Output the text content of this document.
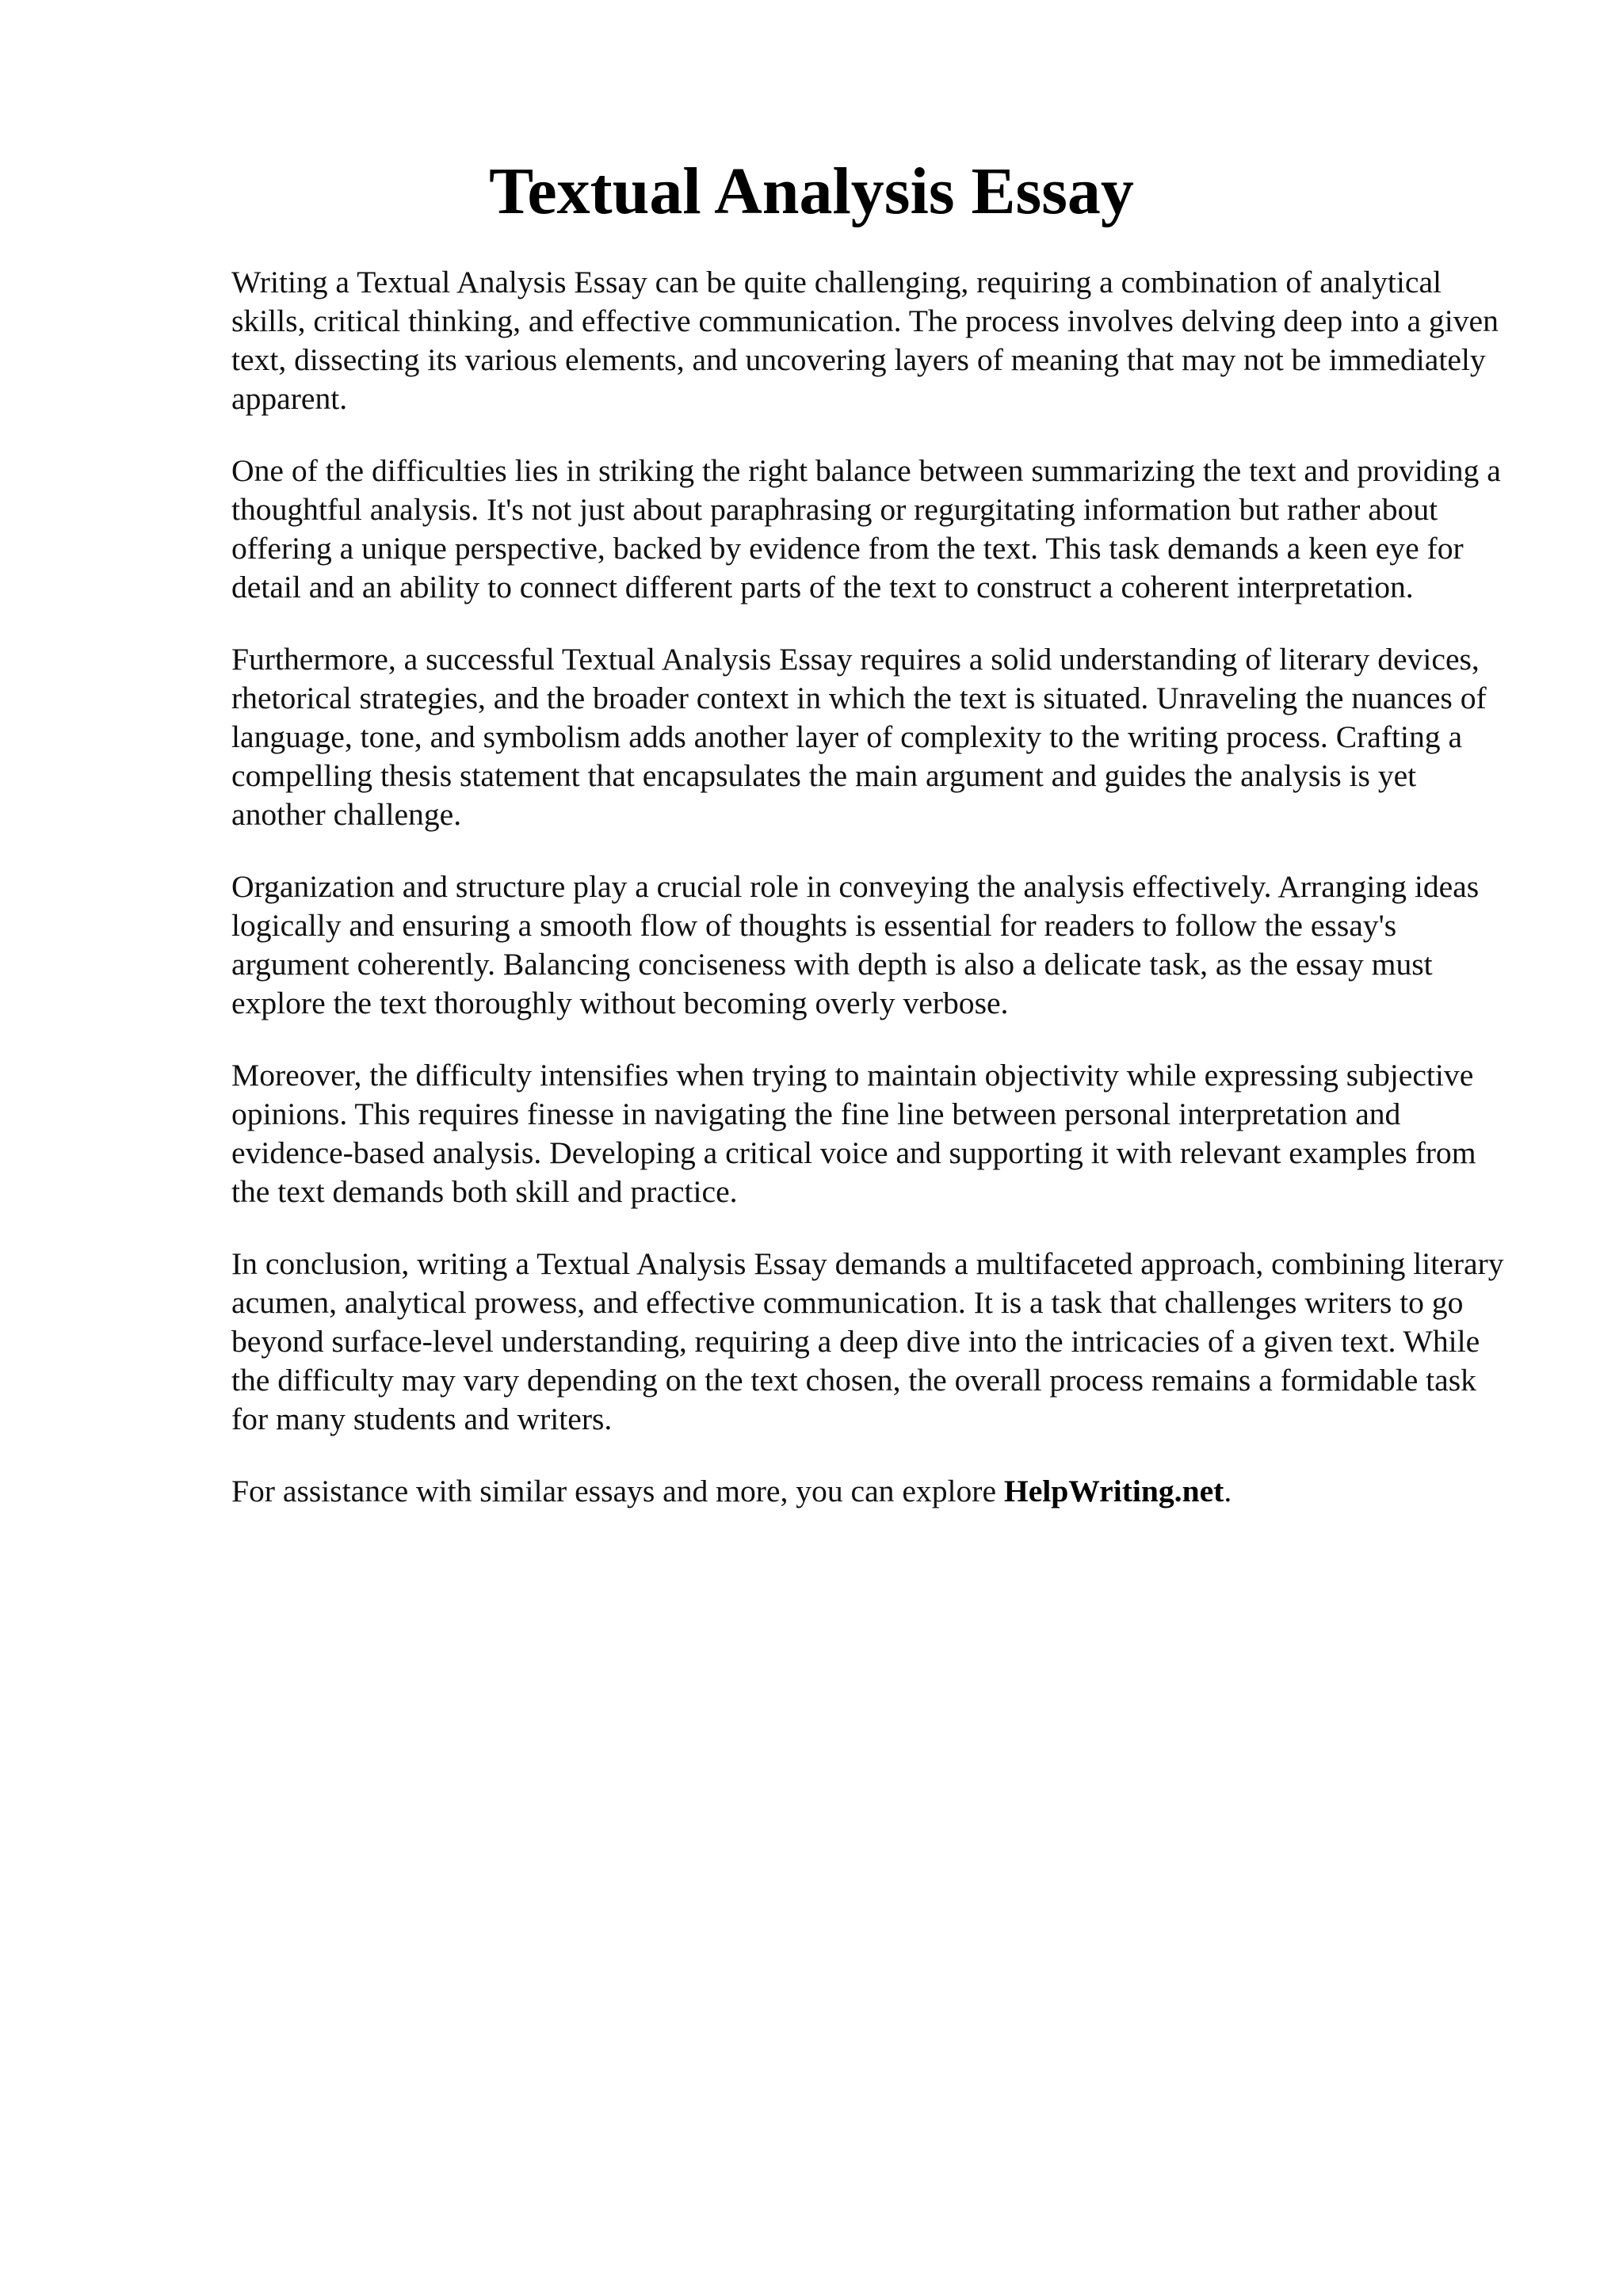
Textual Analysis Essay

Writing a Textual Analysis Essay can be quite challenging, requiring a combination of analytical skills, critical thinking, and effective communication. The process involves delving deep into a given text, dissecting its various elements, and uncovering layers of meaning that may not be immediately apparent.

One of the difficulties lies in striking the right balance between summarizing the text and providing a thoughtful analysis. It's not just about paraphrasing or regurgitating information but rather about offering a unique perspective, backed by evidence from the text. This task demands a keen eye for detail and an ability to connect different parts of the text to construct a coherent interpretation.

Furthermore, a successful Textual Analysis Essay requires a solid understanding of literary devices, rhetorical strategies, and the broader context in which the text is situated. Unraveling the nuances of language, tone, and symbolism adds another layer of complexity to the writing process. Crafting a compelling thesis statement that encapsulates the main argument and guides the analysis is yet another challenge.

Organization and structure play a crucial role in conveying the analysis effectively. Arranging ideas logically and ensuring a smooth flow of thoughts is essential for readers to follow the essay's argument coherently. Balancing conciseness with depth is also a delicate task, as the essay must explore the text thoroughly without becoming overly verbose.

Moreover, the difficulty intensifies when trying to maintain objectivity while expressing subjective opinions. This requires finesse in navigating the fine line between personal interpretation and evidence-based analysis. Developing a critical voice and supporting it with relevant examples from the text demands both skill and practice.

In conclusion, writing a Textual Analysis Essay demands a multifaceted approach, combining literary acumen, analytical prowess, and effective communication. It is a task that challenges writers to go beyond surface-level understanding, requiring a deep dive into the intricacies of a given text. While the difficulty may vary depending on the text chosen, the overall process remains a formidable task for many students and writers.

For assistance with similar essays and more, you can explore HelpWriting.net.
